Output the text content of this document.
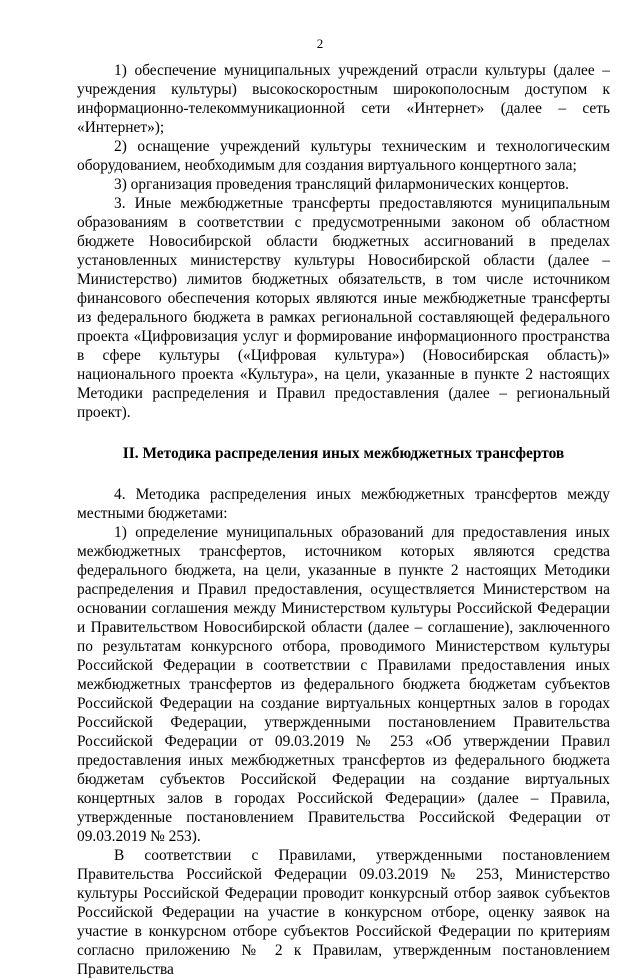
2

1) обеспечение муниципальных учреждений отрасли культуры (далее – учреждения культуры) высокоскоростным широкополосным доступом к информационно-телекоммуникационной сети «Интернет» (далее – сеть «Интернет»);

2) оснащение учреждений культуры техническим и технологическим оборудованием, необходимым для создания виртуального концертного зала;

3) организация проведения трансляций филармонических концертов.

3. Иные межбюджетные трансферты предоставляются муниципальным образованиям в соответствии с предусмотренными законом об областном бюджете Новосибирской области бюджетных ассигнований в пределах установленных министерству культуры Новосибирской области (далее – Министерство) лимитов бюджетных обязательств, в том числе источником финансового обеспечения которых являются иные межбюджетные трансферты из федерального бюджета в рамках региональной составляющей федерального проекта «Цифровизация услуг и формирование информационного пространства в сфере культуры («Цифровая культура») (Новосибирская область)» национального проекта «Культура», на цели, указанные в пункте 2 настоящих Методики распределения и Правил предоставления (далее – региональный проект).

II. Методика распределения иных межбюджетных трансфертов

4. Методика распределения иных межбюджетных трансфертов между местными бюджетами:

1) определение муниципальных образований для предоставления иных межбюджетных трансфертов, источником которых являются средства федерального бюджета, на цели, указанные в пункте 2 настоящих Методики распределения и Правил предоставления, осуществляется Министерством на основании соглашения между Министерством культуры Российской Федерации и Правительством Новосибирской области (далее – соглашение), заключенного по результатам конкурсного отбора, проводимого Министерством культуры Российской Федерации в соответствии с Правилами предоставления иных межбюджетных трансфертов из федерального бюджета бюджетам субъектов Российской Федерации на создание виртуальных концертных залов в городах Российской Федерации, утвержденными постановлением Правительства Российской Федерации от 09.03.2019 № 253 «Об утверждении Правил предоставления иных межбюджетных трансфертов из федерального бюджета бюджетам субъектов Российской Федерации на создание виртуальных концертных залов в городах Российской Федерации» (далее – Правила, утвержденные постановлением Правительства Российской Федерации от 09.03.2019 № 253).

В соответствии с Правилами, утвержденными постановлением Правительства Российской Федерации 09.03.2019 № 253, Министерство культуры Российской Федерации проводит конкурсный отбор заявок субъектов Российской Федерации на участие в конкурсном отборе, оценку заявок на участие в конкурсном отборе субъектов Российской Федерации по критериям согласно приложению № 2 к Правилам, утвержденным постановлением Правительства
